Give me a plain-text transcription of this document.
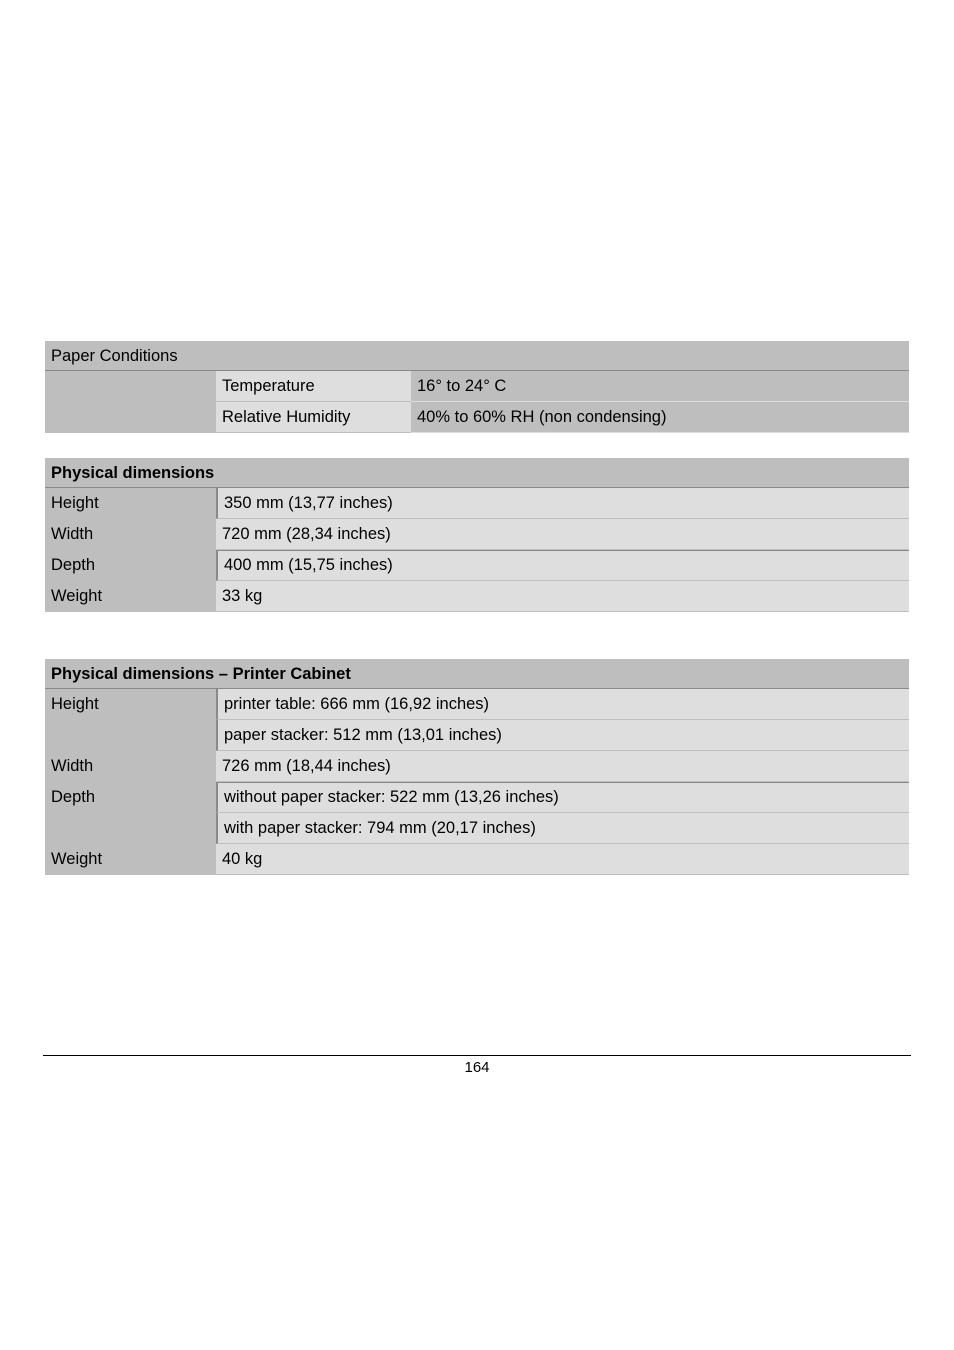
Paper Conditions
Temperature	16° to 24° C
Relative Humidity	40% to 60% RH (non condensing)
Physical dimensions
Height	350 mm (13,77 inches)
Width	720 mm (28,34 inches)
Depth	400 mm (15,75 inches)
Weight	33 kg
Physical dimensions – Printer Cabinet
Height	printer table: 666 mm (16,92 inches)
paper stacker: 512 mm (13,01 inches)
Width	726 mm (18,44 inches)
Depth	without paper stacker: 522 mm (13,26 inches)
with paper stacker: 794 mm (20,17 inches)
Weight	40 kg
164
